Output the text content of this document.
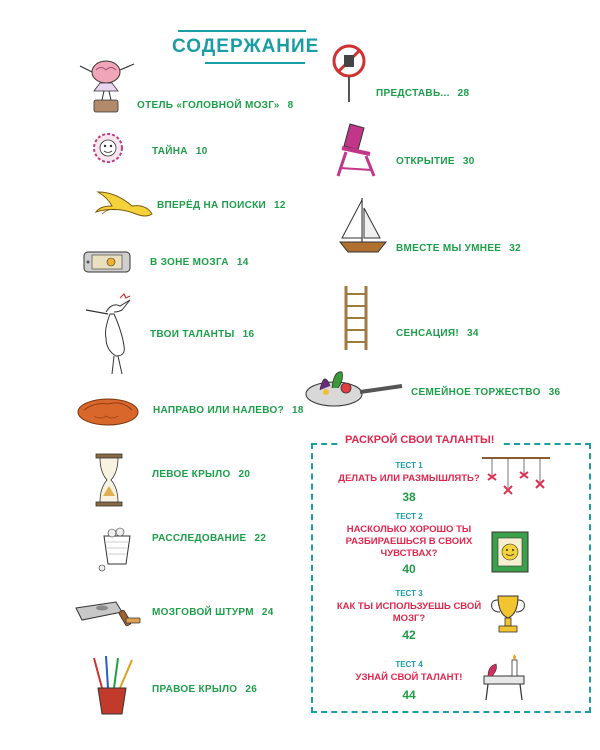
СОДЕРЖАНИЕ
ОТЕЛЬ «ГОЛОВНОЙ МОЗГ» 8
ТАЙНА 10
ВПЕРЁД НА ПОИСКИ 12
В ЗОНЕ МОЗГА 14
ТВОИ ТАЛАНТЫ 16
НАПРАВО ИЛИ НАЛЕВО? 18
ЛЕВОЕ КРЫЛО 20
РАССЛЕДОВАНИЕ 22
МОЗГОВОЙ ШТУРМ 24
ПРАВОЕ КРЫЛО 26
ПРЕДСТАВЬ... 28
ОТКРЫТИЕ 30
ВМЕСТЕ МЫ УМНЕЕ 32
СЕНСАЦИЯ! 34
СЕМЕЙНОЕ ТОРЖЕСТВО 36
РАСКРОЙ СВОИ ТАЛАНТЫ!
ТЕСТ 1
ДЕЛАТЬ ИЛИ РАЗМЫШЛЯТЬ?
38
ТЕСТ 2
НАСКОЛЬКО ХОРОШО ТЫ РАЗБИРАЕШЬСЯ В СВОИХ ЧУВСТВАХ?
40
ТЕСТ 3
КАК ТЫ ИСПОЛЬЗУЕШЬ СВОЙ МОЗГ?
42
ТЕСТ 4
УЗНАЙ СВОЙ ТАЛАНТ!
44
